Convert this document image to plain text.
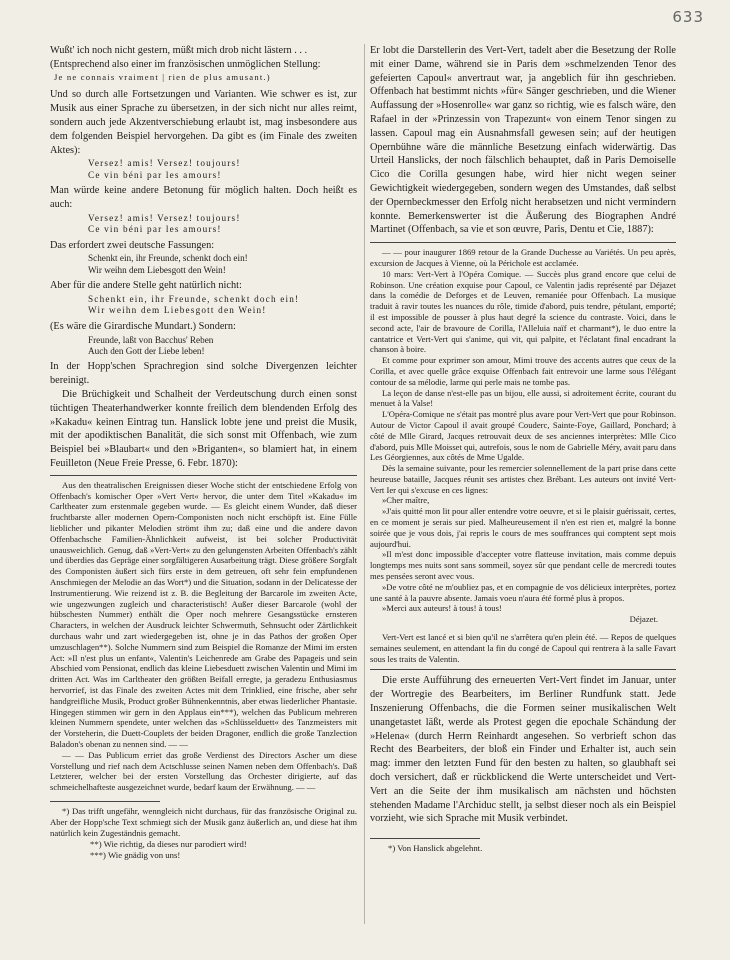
633

Wußt' ich noch nicht gestern, müßt mich drob nicht lästern . . .

(Entsprechend also einer im französischen unmöglichen Stellung:

Je ne connais vraiment | rien de plus amusant.)

Und so durch alle Fortsetzungen und Varianten. Wie schwer es ist, zur Musik aus einer Sprache zu übersetzen, in der sich nicht nur alles reimt, sondern auch jede Akzentverschiebung erlaubt ist, mag insbesondere aus dem folgenden Beispiel hervorgehen. Da gibt es (im Finale des zweiten Aktes):

Versez! amis! Versez! toujours!
Ce vin béni par les amours!

Man würde keine andere Betonung für möglich halten. Doch heißt es auch:

Versez! amis! Versez! toujours!
Ce vin béni par les amours!

Das erfordert zwei deutsche Fassungen:

Schenkt ein, ihr Freunde, schenkt doch ein!
Wir weihn dem Liebesgott den Wein!

Aber für die andere Stelle geht natürlich nicht:

Schenkt ein, ihr Freunde, schenkt doch ein!
Wir weihn dem Liebesgott den Wein!

(Es wäre die Girardische Mundart.) Sondern:

Freunde, laßt von Bacchus' Reben
Auch den Gott der Liebe leben!

In der Hopp'schen Sprachregion sind solche Divergenzen leichter bereinigt.

Die Brüchigkeit und Schalheit der Verdeutschung durch einen sonst tüchtigen Theaterhandwerker konnte freilich dem blendenden Erfolg des »Kakadu« keinen Eintrag tun. Hanslick lobte jene und preist die Musik, mit der apodiktischen Banalität, die sich sonst mit Offenbach, wie zum Beispiel bei »Blaubart« und den »Briganten«, so blamiert hat, in einem Feuilleton (Neue Freie Presse, 6. Febr. 1870):

Aus den theatralischen Ereignissen dieser Woche sticht der entschiedene Erfolg von Offenbach's komischer Oper »Vert Vert« hervor, die unter dem Titel »Kakadu« im Carltheater zum erstenmale gegeben wurde. — Es gleicht einem Wunder, daß dieser fruchtbarste aller modernen Opern-Componisten noch nicht erschöpft ist. Eine Fülle lieblicher und pikanter Melodien strömt ihm zu; daß eine und die andere davon Offenbachsche Familien-Ähnlichkeit aufweist, ist bei solcher Productivität unausweichlich. Genug, daß »Vert-Vert« zu den gelungensten Arbeiten Offenbach's zählt und überdies das Gepräge einer sorgfältigeren Ausarbeitung trägt. Diese größere Sorgfalt des Componisten äußert sich fürs erste in dem getreuen, oft sehr fein empfundenen Anschmiegen der Melodie an das Wort*) und die Situation, sodann in der Delicatesse der Instrumentierung. Wie reizend ist z. B. die Begleitung der Barcarole im zweiten Acte, wie ungezwungen zugleich und characteristisch! Außer dieser Barcarole (wohl der hübschesten Nummer) enthält die Oper noch mehrere Gesangsstücke ernsteren Characters, in welchen der Ausdruck leichter Schwermuth, Sehnsucht oder Zärtlichkeit durchaus wahr und zart wiedergegeben ist, ohne je in das Pathos der großen Oper umzuschlagen**). Solche Nummern sind zum Beispiel die Romanze der Mimi im ersten Act: »Il n'est plus un enfant«, Valentin's Leichenrede am Grabe des Papageis und sein Abschied vom Pensionat, endlich das kleine Liebesduett zwischen Valentin und Mimi im dritten Act. Was im Carltheater den größten Beifall erregte, ja geradezu Enthusiasmus hervorrief, ist das Finale des zweiten Actes mit dem Trinklied, eine frische, aber sehr handgreifliche Musik, Product großer Bühnenkenntnis, aber etwas liederlicher Phantasie. Hingegen stimmen wir gern in den Applaus ein***), welchen das Publicum mehreren kleinen Nummern spendete, unter welchen das »Schlüsselduett« des Tanzmeisters mit der Vorsteherin, die Duett-Couplets der beiden Dragoner, endlich die große Tanzlection Baladon's obenan zu nennen sind. — —

— — Das Publicum erriet das große Verdienst des Directors Ascher um diese Vorstellung und rief nach dem Actschlusse seinen Namen neben dem Offenbach's. Daß Letzterer, welcher bei der ersten Vorstellung das Orchester dirigierte, auf das schmeichelhafteste ausgezeichnet wurde, bedarf kaum der Erwähnung. — —

*) Das trifft ungefähr, wenngleich nicht durchaus, für das französische Original zu. Aber der Hopp'sche Text schmiegt sich der Musik ganz äußerlich an, und diese hat ihm natürlich kein Zugeständnis gemacht.

**) Wie richtig, da dieses nur parodiert wird!

***) Wie gnädig von uns!

Er lobt die Darstellerin des Vert-Vert, tadelt aber die Besetzung der Rolle mit einer Dame, während sie in Paris dem »schmelzenden Tenor des gefeierten Capoul« anvertraut war, ja angeblich für ihn geschrieben. Offenbach hat bestimmt nichts »für« Sänger geschrieben, und die Wiener Auffassung der »Hosenrolle« war ganz so richtig, wie es falsch wäre, den Rafael in der »Prinzessin von Trapezunt« von einem Tenor singen zu lassen. Capoul mag ein Ausnahmsfall gewesen sein; auf der heutigen Opernbühne wäre die männliche Besetzung einfach widerwärtig. Das Urteil Hanslicks, der noch fälschlich behauptet, daß in Paris Demoiselle Cico die Corilla gesungen habe, wird hier nicht wegen seiner Gewichtigkeit wiedergegeben, sondern wegen des Umstandes, daß selbst der Opernbeckmesser den Erfolg nicht herabsetzen und nicht vermindern konnte. Bemerkenswerter ist die Äußerung des Biographen André Martinet (Offenbach, sa vie et son œuvre, Paris, Dentu et Cie, 1887):

— — pour inaugurer 1869 retour de la Grande Duchesse au Variétés. Un peu après, excursion de Jacques à Vienne, où la Périchole est acclamée.

10 mars: Vert-Vert à l'Opéra Comique. — Succès plus grand encore que celui de Robinson. Une création exquise pour Capoul, ce Valentin jadis représenté par Déjazet dans la comédie de Deforges et de Leuven, remaniée pour Offenbach. La musique traduit à ravir toutes les nuances du rôle, timide d'abord, puis tendre, pétulant, emporté; il est impossible de pousser à plus haut degré la science du contraste. Voici, dans le second acte, l'air de bravoure de Corilla, l'Alleluia naïf et charmant*), le duo entre la cantatrice et Vert-Vert qui s'anime, qui vit, qui palpite, et l'éclatant final encadrant la chanson à boire.

Et comme pour exprimer son amour, Mimi trouve des accents autres que ceux de la Corilla, et avec quelle grâce exquise Offenbach fait entrevoir une larme sous l'élégant contour de sa mélodie, larme qui perle mais ne tombe pas.

La leçon de danse n'est-elle pas un bijou, elle aussi, si adroitement écrite, courant du menuet à la Valse!

L'Opéra-Comique ne s'était pas montré plus avare pour Vert-Vert que pour Robinson. Autour de Victor Capoul il avait groupé Couderc, Sainte-Foye, Gaillard, Ponchard; à côté de Mlle Girard, Jacques retrouvait deux de ses anciennes interprètes: Mlle Cico d'abord, puis Mlle Moisset qui, autrefois, sous le nom de Gabrielle Méry, avait paru dans Les Géorgiennes, aux côtés de Mme Ugalde.

Dès la semaine suivante, pour les remercier solennellement de la part prise dans cette heureuse bataille, Jacques réunit ses artistes chez Brébant. Les auteurs ont invité Vert-Vert Ier qui s'excuse en ces lignes:

»Cher maître,

»J'ais quitté mon lit pour aller entendre votre oeuvre, et si le plaisir guérissait, certes, en ce moment je serais sur pied. Malheureusement il n'en est rien et, malgré la bonne soirée que je vous dois, j'ai repris le cours de mes souffrances qui comptent sept mois aujourd'hui.

»Il m'est donc impossible d'accepter votre flatteuse invitation, mais comme depuis longtemps mes nuits sont sans sommeil, soyez sûr que pendant celle de mercredi toutes mes pensées seront avec vous.

»De votre côté ne m'oubliez pas, et en compagnie de vos délicieux interprètes, portez une santé à la pauvre absente. Jamais voeu n'aura été formé plus à propos.

»Merci aux auteurs! à tous! à tous!

Déjazet.

Vert-Vert est lancé et si bien qu'il ne s'arrêtera qu'en plein été. — Repos de quelques semaines seulement, en attendant la fin du congé de Capoul qui rentrera à la salle Favart sous les traits de Valentin.

Die erste Aufführung des erneuerten Vert-Vert findet im Januar, unter der Wortregie des Bearbeiters, im Berliner Rundfunk statt. Jede Inszenierung Offenbachs, die die Formen seiner musikalischen Welt unangetastet läßt, werde als Protest gegen die epochale Schändung der »Helena« (durch Herrn Reinhardt angesehen. So verbrieft schon das Recht des Bearbeiters, der bloß ein Finder und Erhalter ist, auch sein mag: immer den letzten Fund für den besten zu halten, so glaubhaft sei doch versichert, daß er rückblickend die Werte unterscheidet und Vert-Vert an die Seite der ihm musikalisch am nächsten und höchsten stehenden Madame l'Archiduc stellt, ja selbst dieser noch als ein Beispiel vorzieht, wie sich Sprache mit Musik verbindet.

*) Von Hanslick abgelehnt.
